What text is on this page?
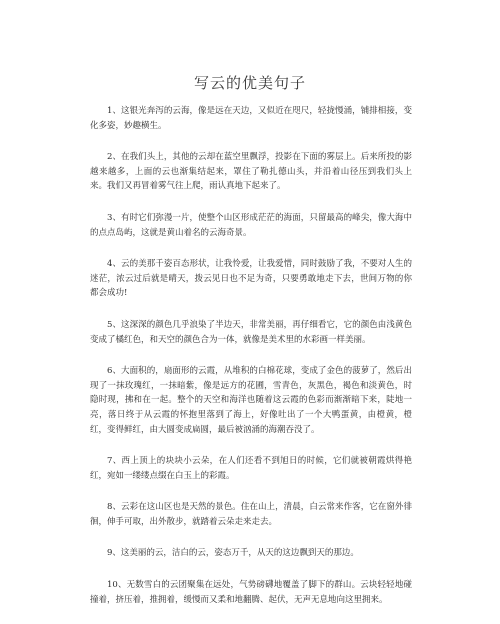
写云的优美句子

1、这银光奔泻的云海，像是远在天边，又似近在咫尺，轻拢慢涌，铺排相接，变化多姿，妙趣横生。

2、在我们头上，其他的云却在蓝空里飘浮，投影在下面的雾层上。后来所投的影越来越多，上面的云也渐集结起来，罩住了勒扎德山头，并沿着山径压到我们头上来。我们又再冒着雾气往上爬，雨认真地下起来了。

3、有时它们弥漫一片，使整个山区形成茫茫的海面，只留最高的峰尖，像大海中的点点岛屿，这就是黄山着名的云海奇景。

4、云的美那千姿百态形状，让我怜爱，让我爱惜，同时鼓励了我，不要对人生的迷茫，浓云过后就是晴天，拨云见日也不足为奇，只要勇敢地走下去，世间万物的你都会成功!

5、这深深的颜色几乎浪染了半边天，非常美丽，再仔细看它，它的颜色由浅黄色变成了橘红色，和天空的颜色合为一体，就像是美术里的水彩画一样美丽。

6、大面积的，扇面形的云霞，从堆积的白棉花球，变成了金色的菠萝了，然后出现了一抹玫瑰红，一抹暗紫，像是远方的花圃，雪青色，灰黑色，褐色和淡黄色，时隐时现，拂和在一起。整个的天空和海洋也随着这云霞的色彩而渐渐暗下来，陡地一亮，落日终于从云霞的怀抱里落到了海上，好像吐出了一个大鸭蛋黄，由橙黄，橙红，变得鲜红，由大圆变成扁圆，最后被汹涌的海潮吞没了。

7、西上顶上的块块小云朵，在人们还看不到旭日的时候，它们就被朝霞烘得艳红，宛如一缕缕点缀在白玉上的彩霞。

8、云彩在这山区也是天然的景色。住在山上，清晨，白云常来作客，它在窗外徘徊，伸手可取，出外散步，就踏着云朵走来走去。

9、这美丽的云，洁白的云，姿态万千，从天的这边飘到天的那边。

10、无数雪白的云团聚集在远处，气势磅礴地覆盖了脚下的群山。云块轻轻地碰撞着，挤压着，推拥着，缓慢而又柔和地翻腾、起伏，无声无息地向这里拥来。
